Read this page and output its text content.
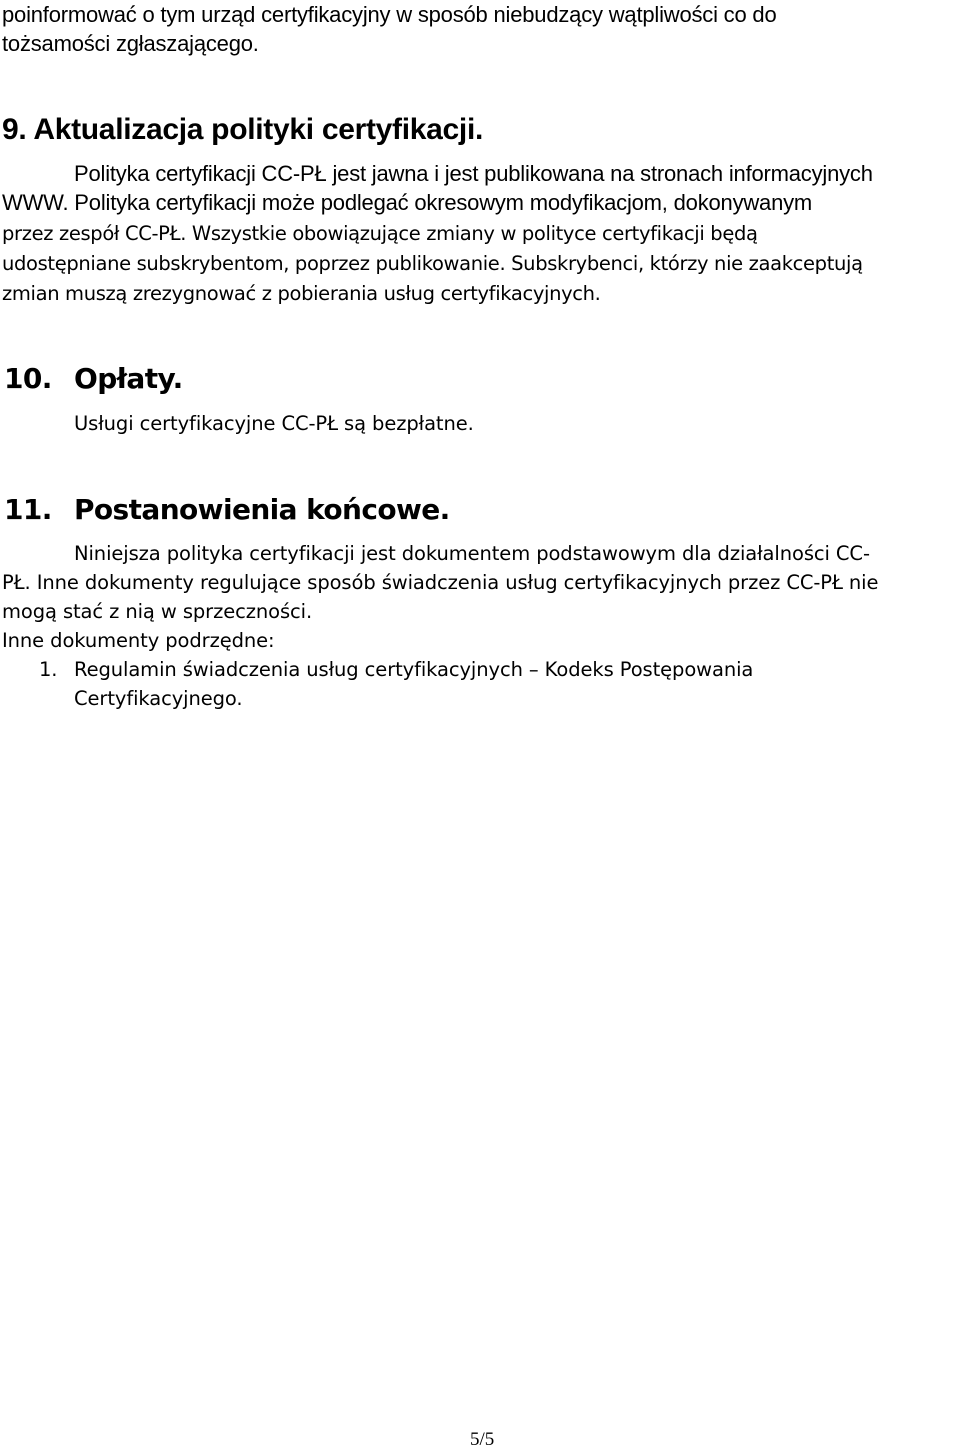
poinformować o tym urząd certyfikacyjny w sposób niebudzący wątpliwości co do
tożsamości zgłaszającego.
9. Aktualizacja polityki certyfikacji.
Polityka certyfikacji CC-PŁ jest jawna i jest publikowana na stronach informacyjnych
WWW. Polityka certyfikacji może podlegać okresowym modyfikacjom, dokonywanym
przez zespół CC-PŁ. Wszystkie obowiązujące zmiany w polityce certyfikacji będą
udostępniane subskrybentom, poprzez publikowanie. Subskrybenci, którzy nie zaakceptują
zmian muszą zrezygnować z pobierania usług certyfikacyjnych.
10. Opłaty.
Usługi certyfikacyjne CC-PŁ są bezpłatne.
11. Postanowienia końcowe.
Niniejsza polityka certyfikacji jest dokumentem podstawowym dla działalności CC-
PŁ. Inne dokumenty regulujące sposób świadczenia usług certyfikacyjnych przez CC-PŁ nie
mogą stać z nią w sprzeczności.
Inne dokumenty podrzędne:
1. Regulamin świadczenia usług certyfikacyjnych – Kodeks Postępowania
Certyfikacyjnego.
5/5
